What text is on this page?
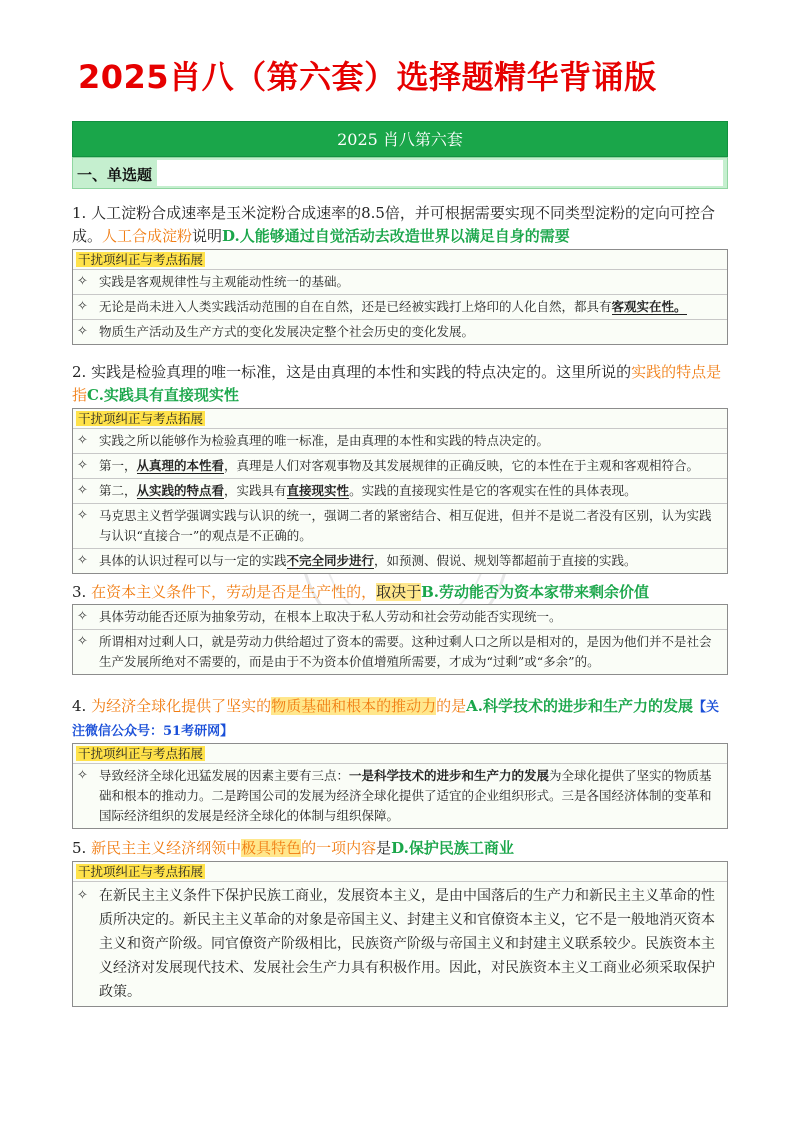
2025肖八（第六套）选择题精华背诵版
2025 肖八第六套
一、单选题
1. 人工淀粉合成速率是玉米淀粉合成速率的8.5倍，并可根据需要实现不同类型淀粉的定向可控合成。人工合成淀粉说明D.人能够通过自觉活动去改造世界以满足自身的需要
干扰项纠正与考点拓展
✧ 实践是客观规律性与主观能动性统一的基础。
✧ 无论是尚未进入人类实践活动范围的自在自然，还是已经被实践打上烙印的人化自然，都具有客观实在性。
✧ 物质生产活动及生产方式的变化发展决定整个社会历史的变化发展。
2. 实践是检验真理的唯一标准，这是由真理的本性和实践的特点决定的。这里所说的实践的特点是指C.实践具有直接现实性
干扰项纠正与考点拓展
✧ 实践之所以能够作为检验真理的唯一标准，是由真理的本性和实践的特点决定的。
✧ 第一，从真理的本性看，真理是人们对客观事物及其发展规律的正确反映，它的本性在于主观和客观相符合。
✧ 第二，从实践的特点看，实践具有直接现实性。实践的直接现实性是它的客观实在性的具体表现。
✧ 马克思主义哲学强调实践与认识的统一，强调二者的紧密结合、相互促进，但并不是说二者没有区别，认为实践与认识“直接合一”的观点是不正确的。
✧ 具体的认识过程可以与一定的实践不完全同步进行，如预测、假说、规划等都超前于直接的实践。
3. 在资本主义条件下，劳动是否是生产性的，取决于B.劳动能否为资本家带来剩余价值
✧ 具体劳动能否还原为抽象劳动，在根本上取决于私人劳动和社会劳动能否实现统一。
✧ 所谓相对过剩人口，就是劳动力供给超过了资本的需要。这种过剩人口之所以是相对的，是因为他们并不是社会生产发展所绝对不需要的，而是由于不为资本价值增殖所需要，才成为“过剩”或“多余”的。
4. 为经济全球化提供了坚实的物质基础和根本的推动力的是A.科学技术的进步和生产力的发展【关注微信公众号：51考研网】
干扰项纠正与考点拓展
✧ 导致经济全球化迅猛发展的因素主要有三点：一是科学技术的进步和生产力的发展为全球化提供了坚实的物质基础和根本的推动力。二是跨国公司的发展为经济全球化提供了适宜的企业组织形式。三是各国经济体制的变革和国际经济组织的发展是经济全球化的体制与组织保障。
5. 新民主主义经济纲领中极具特色的一项内容是D.保护民族工商业
干扰项纠正与考点拓展
✧ 在新民主主义条件下保护民族工商业，发展资本主义，是由中国落后的生产力和新民主主义革命的性质所决定的。新民主主义革命的对象是帝国主义、封建主义和官僚资本主义，它不是一般地消灭资本主义和资产阶级。同官僚资产阶级相比，民族资产阶级与帝国主义和封建主义联系较少。民族资本主义经济对发展现代技术、发展社会生产力具有积极作用。因此，对民族资本主义工商业必须采取保护政策。
